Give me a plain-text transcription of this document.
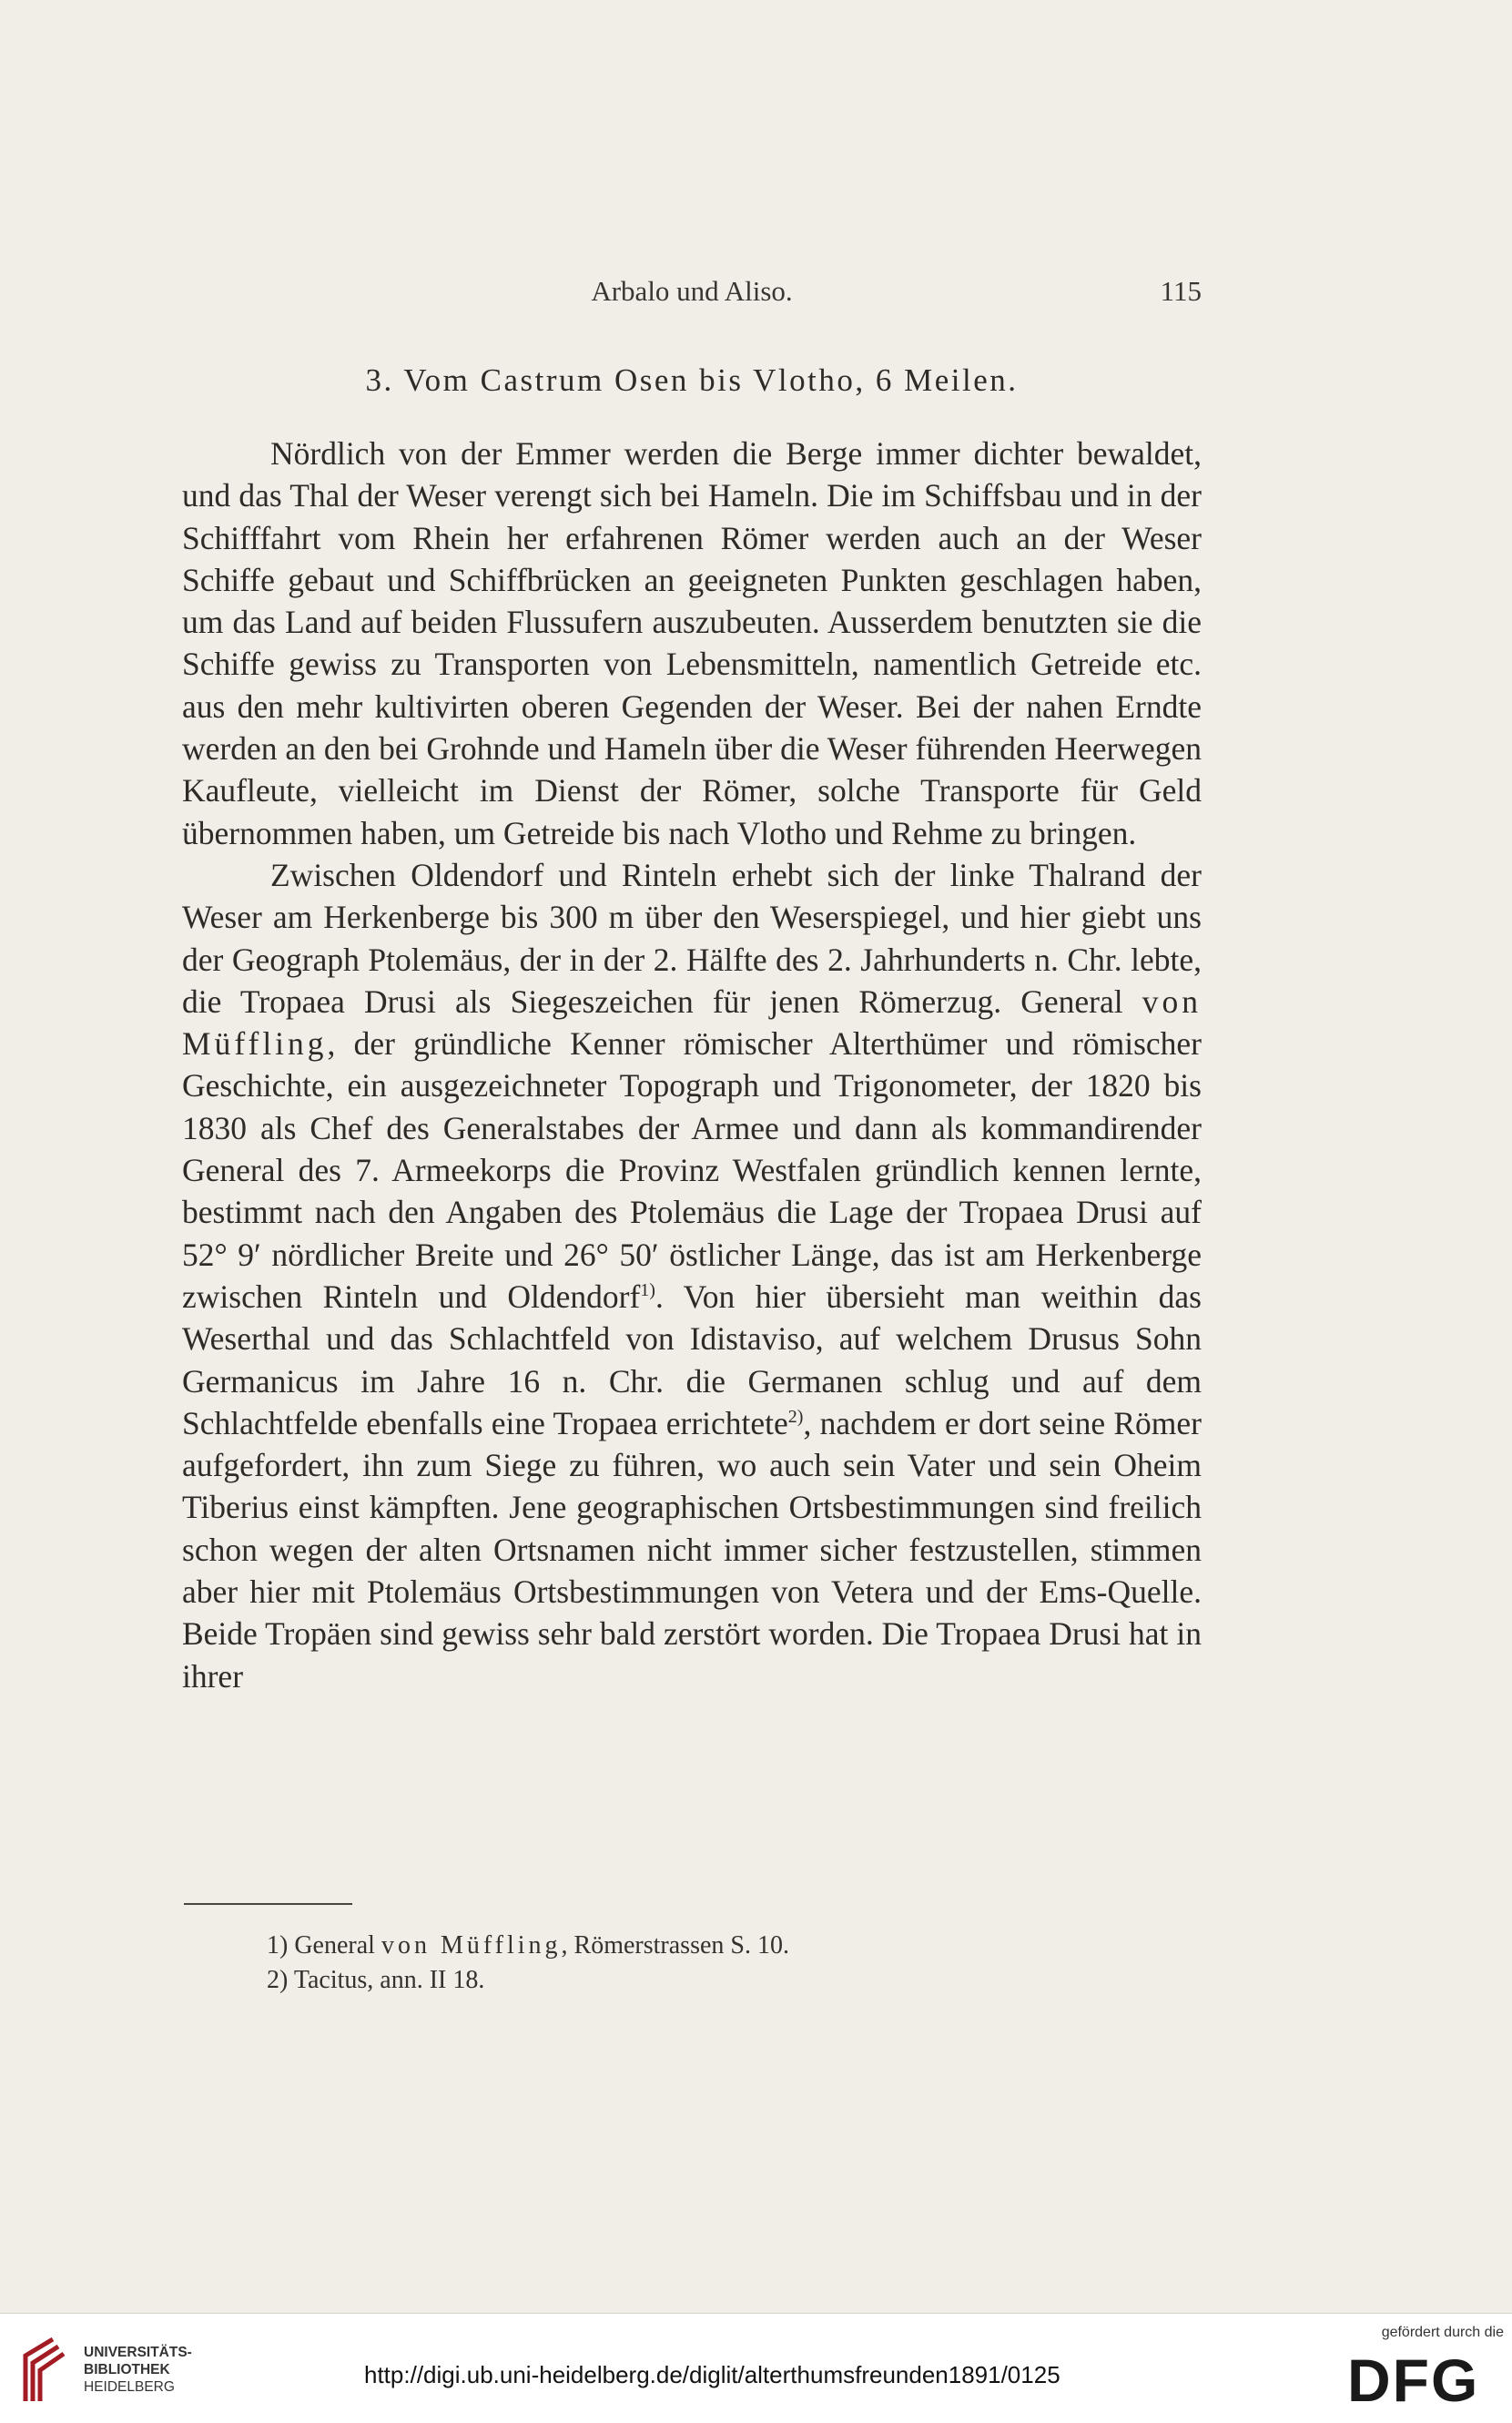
Arbalo und Aliso.	115
3. Vom Castrum Osen bis Vlotho, 6 Meilen.

Nördlich von der Emmer werden die Berge immer dichter bewaldet, und das Thal der Weser verengt sich bei Hameln. Die im Schiffsbau und in der Schifffahrt vom Rhein her erfahrenen Römer werden auch an der Weser Schiffe gebaut und Schiffbrücken an geeigneten Punkten geschlagen haben, um das Land auf beiden Flussufern auszubeuten. Ausserdem benutzten sie die Schiffe gewiss zu Transporten von Lebensmitteln, namentlich Getreide etc. aus den mehr kultivirten oberen Gegenden der Weser. Bei der nahen Erndte werden an den bei Grohnde und Hameln über die Weser führenden Heerwegen Kaufleute, vielleicht im Dienst der Römer, solche Transporte für Geld übernommen haben, um Getreide bis nach Vlotho und Rehme zu bringen.

Zwischen Oldendorf und Rinteln erhebt sich der linke Thalrand der Weser am Herkenberge bis 300 m über den Weserspiegel, und hier giebt uns der Geograph Ptolemäus, der in der 2. Hälfte des 2. Jahrhunderts n. Chr. lebte, die Tropaea Drusi als Siegeszeichen für jenen Römerzug. General von Müffling, der gründliche Kenner römischer Alterthümer und römischer Geschichte, ein ausgezeichneter Topograph und Trigonometer, der 1820 bis 1830 als Chef des Generalstabes der Armee und dann als kommandirender General des 7. Armeekorps die Provinz Westfalen gründlich kennen lernte, bestimmt nach den Angaben des Ptolemäus die Lage der Tropaea Drusi auf 52° 9′ nördlicher Breite und 26° 50′ östlicher Länge, das ist am Herkenberge zwischen Rinteln und Oldendorf$^{1)}$. Von hier übersieht man weithin das Weserthal und das Schlachtfeld von Idistaviso, auf welchem Drusus Sohn Germanicus im Jahre 16 n. Chr. die Germanen schlug und auf dem Schlachtfelde ebenfalls eine Tropaea errichtete$^{2)}$, nachdem er dort seine Römer aufgefordert, ihn zum Siege zu führen, wo auch sein Vater und sein Oheim Tiberius einst kämpften. Jene geographischen Ortsbestimmungen sind freilich schon wegen der alten Ortsnamen nicht immer sicher festzustellen, stimmen aber hier mit Ptolemäus Ortsbestimmungen von Vetera und der Ems-Quelle. Beide Tropäen sind gewiss sehr bald zerstört worden. Die Tropaea Drusi hat in ihrer

1) General von Müffling, Römerstrassen S. 10.
2) Tacitus, ann. II 18.
UNIVERSITÄTS-
BIBLIOTHEK
HEIDELBERG	http://digi.ub.uni-heidelberg.de/diglit/alterthumsfreunden1891/0125
gefördert durch die
DFG
